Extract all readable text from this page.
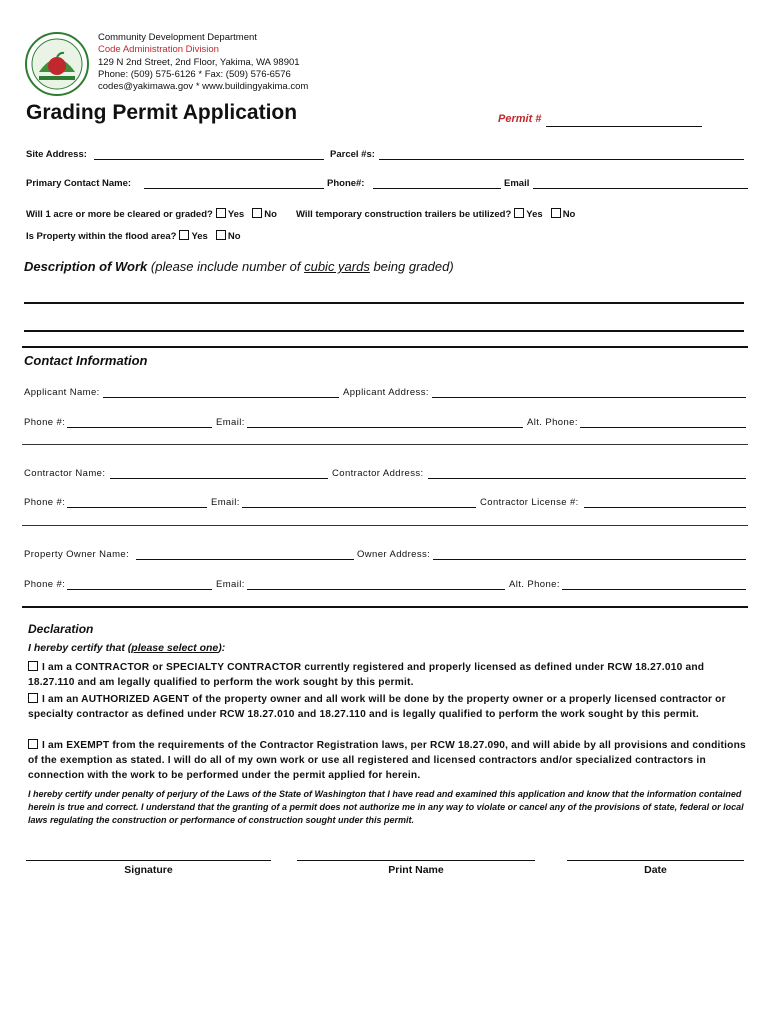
Community Development Department
Code Administration Division
129 N 2nd Street, 2nd Floor, Yakima, WA 98901
Phone: (509) 575-6126 * Fax: (509) 576-6576
codes@yakimawa.gov * www.buildingyakima.com
Grading Permit Application	Permit #
Site Address:	Parcel #s:
Primary Contact Name:	Phone#:	Email
Will 1 acre or more be cleared or graded? Yes No Will temporary construction trailers be utilized? Yes No
Is Property within the flood area? Yes No
Description of Work (please include number of cubic yards being graded)
Contact Information
Applicant Name:	Applicant Address:
Phone #:	Email:	Alt. Phone:
Contractor Name:	Contractor Address:
Phone #:	Email:	Contractor License #:
Property Owner Name:	Owner Address:
Phone #:	Email:	Alt. Phone:
Declaration
I hereby certify that (please select one):
I am a CONTRACTOR or SPECIALTY CONTRACTOR currently registered and properly licensed as defined under RCW 18.27.010 and 18.27.110 and am legally qualified to perform the work sought by this permit.
I am an AUTHORIZED AGENT of the property owner and all work will be done by the property owner or a properly licensed contractor or specialty contractor as defined under RCW 18.27.010 and 18.27.110 and is legally qualified to perform the work sought by this permit.
I am EXEMPT from the requirements of the Contractor Registration laws, per RCW 18.27.090, and will abide by all provisions and conditions of the exemption as stated. I will do all of my own work or use all registered and licensed contractors and/or specialized contractors in connection with the work to be performed under the permit applied for herein.
I hereby certify under penalty of perjury of the Laws of the State of Washington that I have read and examined this application and know that the information contained herein is true and correct. I understand that the granting of a permit does not authorize me in any way to violate or cancel any of the provisions of state, federal or local laws regulating the construction or performance of construction sought under this permit.
Signature	Print Name	Date
